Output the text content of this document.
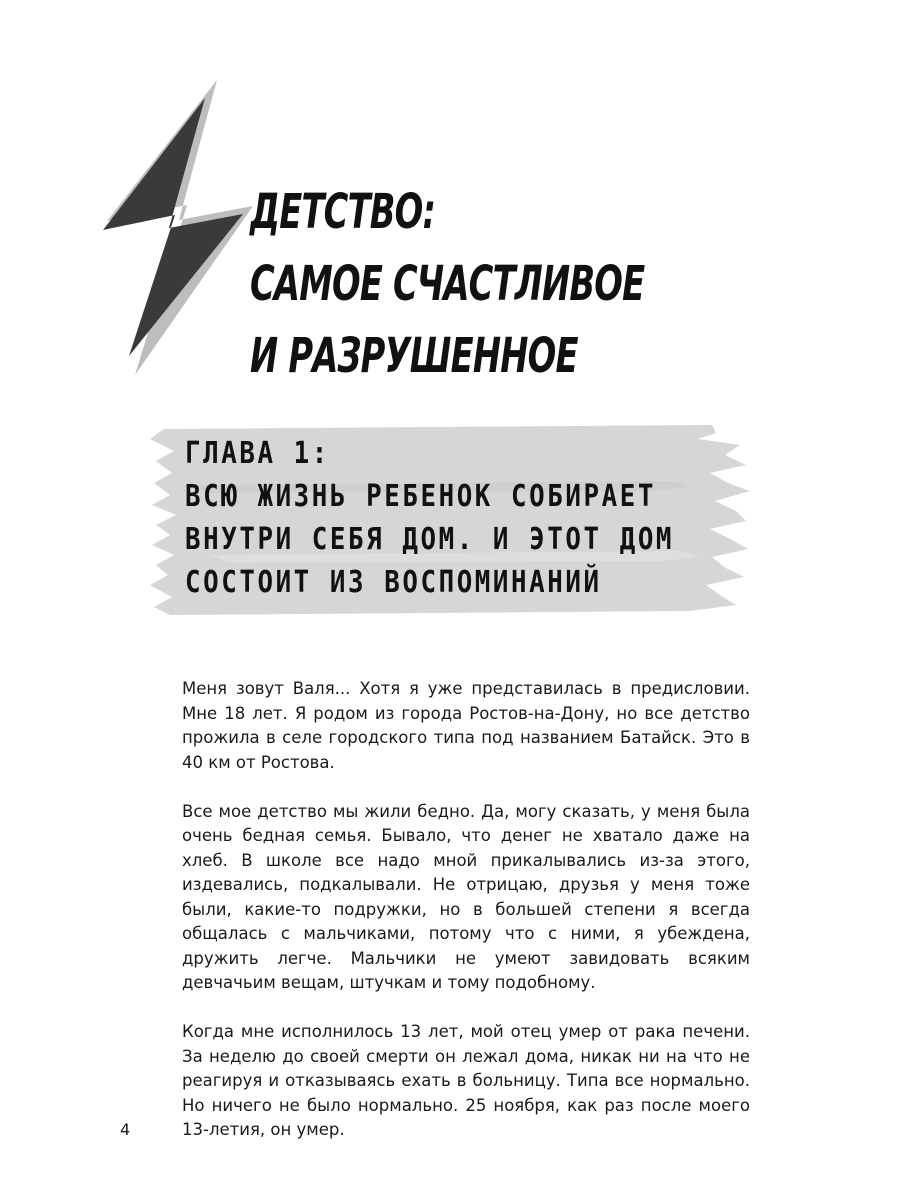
ДЕТСТВО:
САМОЕ СЧАСТЛИВОЕ
И РАЗРУШЕННОЕ
ГЛАВА 1:
ВСЮ ЖИЗНЬ РЕБЕНОК СОБИРАЕТ
ВНУТРИ СЕБЯ ДОМ. И ЭТОТ ДОМ
СОСТОИТ ИЗ ВОСПОМИНАНИЙ

Меня зовут Валя... Хотя я уже представилась в предисловии. Мне 18 лет. Я родом из города Ростов-на-Дону, но все детство прожила в селе городского типа под названием Батайск. Это в 40 км от Ростова.

Все мое детство мы жили бедно. Да, могу сказать, у меня была очень бедная семья. Бывало, что денег не хватало даже на хлеб. В школе все надо мной прикалывались из-за этого, издевались, подкалывали. Не отрицаю, друзья у меня тоже были, какие-то подружки, но в большей степени я всегда общалась с мальчиками, потому что с ними, я убеждена, дружить легче. Мальчики не умеют завидовать всяким девчачьим вещам, штучкам и тому подобному.

Когда мне исполнилось 13 лет, мой отец умер от рака печени. За неделю до своей смерти он лежал дома, никак ни на что не реагируя и отказываясь ехать в больницу. Типа все нормально. Но ничего не было нормально. 25 ноября, как раз после моего 13-летия, он умер.

4
